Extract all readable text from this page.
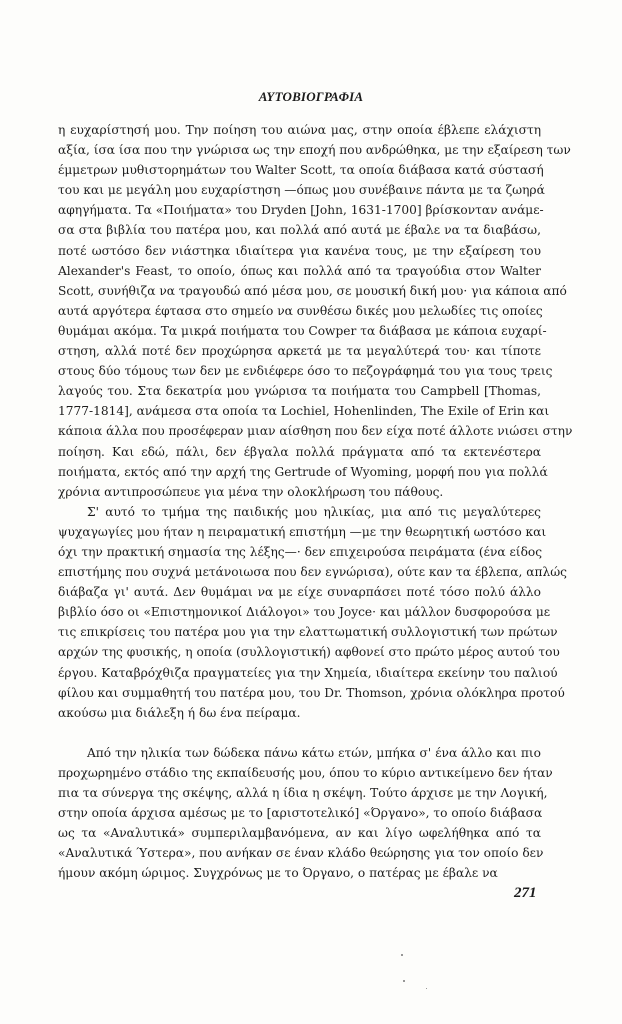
ΑΥΤΟΒΙΟΓΡΑΦΙΑ
η ευχαρίστησή μου. Την ποίηση του αιώνα μας, στην οποία έβλεπε ελάχιστη
αξία, ίσα ίσα που την γνώρισα ως την εποχή που ανδρώθηκα, με την εξαίρεση των
έμμετρων μυθιστορημάτων του Walter Scott, τα οποία διάβασα κατά σύστασή
του και με μεγάλη μου ευχαρίστηση —όπως μου συνέβαινε πάντα με τα ζωηρά
αφηγήματα. Τα «Ποιήματα» του Dryden [John, 1631-1700] βρίσκονταν ανάμε-
σα στα βιβλία του πατέρα μου, και πολλά από αυτά με έβαλε να τα διαβάσω,
ποτέ ωστόσο δεν νιάστηκα ιδιαίτερα για κανένα τους, με την εξαίρεση του
Alexander's Feast, το οποίο, όπως και πολλά από τα τραγούδια στον Walter
Scott, συνήθιζα να τραγουδώ από μέσα μου, σε μουσική δική μου· για κάποια από
αυτά αργότερα έφτασα στο σημείο να συνθέσω δικές μου μελωδίες τις οποίες
θυμάμαι ακόμα. Τα μικρά ποιήματα του Cowper τα διάβασα με κάποια ευχαρί-
στηση, αλλά ποτέ δεν προχώρησα αρκετά με τα μεγαλύτερά του· και τίποτε
στους δύο τόμους των δεν με ενδιέφερε όσο το πεζογράφημά του για τους τρεις
λαγούς του. Στα δεκατρία μου γνώρισα τα ποιήματα του Campbell [Thomas,
1777-1814], ανάμεσα στα οποία τα Lochiel, Hohenlinden, The Exile of Erin και
κάποια άλλα που προσέφεραν μιαν αίσθηση που δεν είχα ποτέ άλλοτε νιώσει στην
ποίηση. Και εδώ, πάλι, δεν έβγαλα πολλά πράγματα από τα εκτενέστερα
ποιήματα, εκτός από την αρχή της Gertrude of Wyoming, μορφή που για πολλά
χρόνια αντιπροσώπευε για μένα την ολοκλήρωση του πάθους.
Σ' αυτό το τμήμα της παιδικής μου ηλικίας, μια από τις μεγαλύτερες
ψυχαγωγίες μου ήταν η πειραματική επιστήμη —με την θεωρητική ωστόσο και
όχι την πρακτική σημασία της λέξης—· δεν επιχειρούσα πειράματα (ένα είδος
επιστήμης που συχνά μετάνοιωσα που δεν εγνώρισα), ούτε καν τα έβλεπα, απλώς
διάβαζα γι' αυτά. Δεν θυμάμαι να με είχε συναρπάσει ποτέ τόσο πολύ άλλο
βιβλίο όσο οι «Επιστημονικοί Διάλογοι» του Joyce· και μάλλον δυσφορούσα με
τις επικρίσεις του πατέρα μου για την ελαττωματική συλλογιστική των πρώτων
αρχών της φυσικής, η οποία (συλλογιστική) αφθονεί στο πρώτο μέρος αυτού του
έργου. Καταβρόχθιζα πραγματείες για την Χημεία, ιδιαίτερα εκείνην του παλιού
φίλου και συμμαθητή του πατέρα μου, του Dr. Thomson, χρόνια ολόκληρα προτού
ακούσω μια διάλεξη ή δω ένα πείραμα.
Από την ηλικία των δώδεκα πάνω κάτω ετών, μπήκα σ' ένα άλλο και πιο
προχωρημένο στάδιο της εκπαίδευσής μου, όπου το κύριο αντικείμενο δεν ήταν
πια τα σύνεργα της σκέψης, αλλά η ίδια η σκέψη. Τούτο άρχισε με την Λογική,
στην οποία άρχισα αμέσως με το [αριστοτελικό] «Όργανο», το οποίο διάβασα
ως τα «Αναλυτικά» συμπεριλαμβανόμενα, αν και λίγο ωφελήθηκα από τα
«Αναλυτικά Ύστερα», που ανήκαν σε έναν κλάδο θεώρησης για τον οποίο δεν
ήμουν ακόμη ώριμος. Συγχρόνως με το Όργανο, ο πατέρας με έβαλε να
271
